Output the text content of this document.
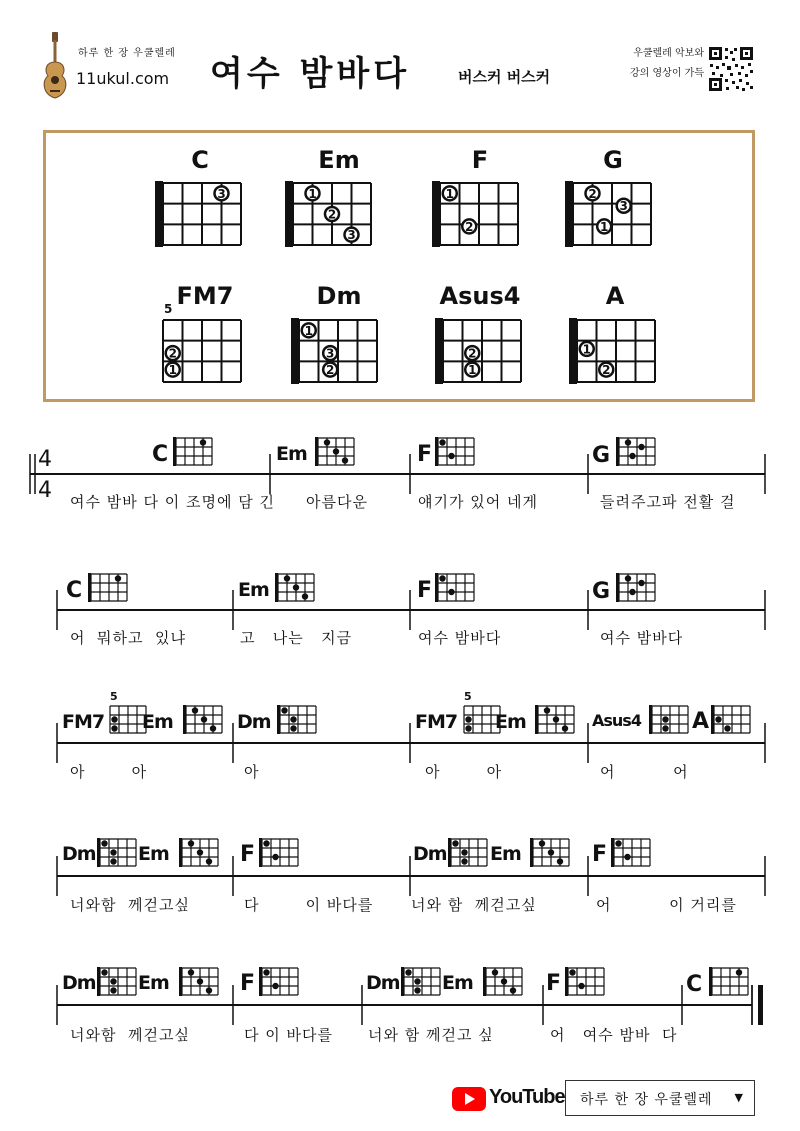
하루 한 장 우쿨렐레
11ukul.com 여수 밤바다	버스커 버스커
우쿨렐레 악보와
강의 영상이 가득
C	Em	F	G
FM7
5	Dm	Asus4	A
3	1
2
3
1
2
2
1
3
2
1
1
3
2
2
1
1
2
4
4
C	Em	F	G
여수 밤바 다 이 조명에 담 긴 아름다운	얘기가 있어 네게	들려주고파 전활 걸
C	Em	F	G
어  뭐하고  있냐	고   나는   지금	여수 밤바다	여수 밤바다
FM7
5
Em	Dm	FM7
5
Em	Asus4 A
아        아	아	아        아	어          어
Dm Em	F	Dm Em	F
너와함  께걷고싶	다        이 바다를	너와 함  께걷고싶	어          이 거리를
Dm Em	F	Dm Em	F	C
너와함  께걷고싶	다 이 바다를 너와 함 께걷고 싶	어   여수 밤바  다
YouTube	하루 한 장 우쿨렐레 ▼
